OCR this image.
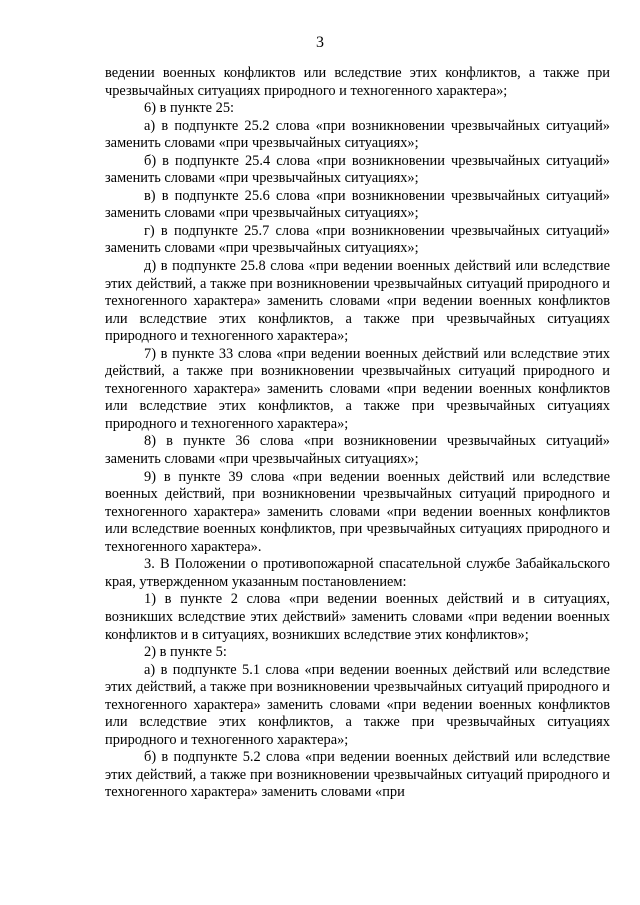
3

ведении военных конфликтов или вследствие этих конфликтов, а также при чрезвычайных ситуациях природного и техногенного характера»;

6) в пункте 25:

а) в подпункте 25.2 слова «при возникновении чрезвычайных ситуаций» заменить словами «при чрезвычайных ситуациях»;

б) в подпункте 25.4 слова «при возникновении чрезвычайных ситуаций» заменить словами «при чрезвычайных ситуациях»;

в) в подпункте 25.6 слова «при возникновении чрезвычайных ситуаций» заменить словами «при чрезвычайных ситуациях»;

г) в подпункте 25.7 слова «при возникновении чрезвычайных ситуаций» заменить словами «при чрезвычайных ситуациях»;

д) в подпункте 25.8 слова «при ведении военных действий или вследствие этих действий, а также при возникновении чрезвычайных ситуаций природного и техногенного характера» заменить словами «при ведении военных конфликтов или вследствие этих конфликтов, а также при чрезвычайных ситуациях природного и техногенного характера»;

7) в пункте 33 слова «при ведении военных действий или вследствие этих действий, а также при возникновении чрезвычайных ситуаций природного и техногенного характера» заменить словами «при ведении военных конфликтов или вследствие этих конфликтов, а также при чрезвычайных ситуациях природного и техногенного характера»;

8) в пункте 36 слова «при возникновении чрезвычайных ситуаций» заменить словами «при чрезвычайных ситуациях»;

9) в пункте 39 слова «при ведении военных действий или вследствие военных действий, при возникновении чрезвычайных ситуаций природного и техногенного характера» заменить словами «при ведении военных конфликтов или вследствие военных конфликтов, при чрезвычайных ситуациях природного и техногенного характера».

3. В Положении о противопожарной спасательной службе Забайкальского края, утвержденном указанным постановлением:

1) в пункте 2 слова «при ведении военных действий и в ситуациях, возникших вследствие этих действий» заменить словами «при ведении военных конфликтов и в ситуациях, возникших вследствие этих конфликтов»;

2) в пункте 5:

а) в подпункте 5.1 слова «при ведении военных действий или вследствие этих действий, а также при возникновении чрезвычайных ситуаций природного и техногенного характера» заменить словами «при ведении военных конфликтов или вследствие этих конфликтов, а также при чрезвычайных ситуациях природного и техногенного характера»;

б) в подпункте 5.2 слова «при ведении военных действий или вследствие этих действий, а также при возникновении чрезвычайных ситуаций природного и техногенного характера» заменить словами «при
